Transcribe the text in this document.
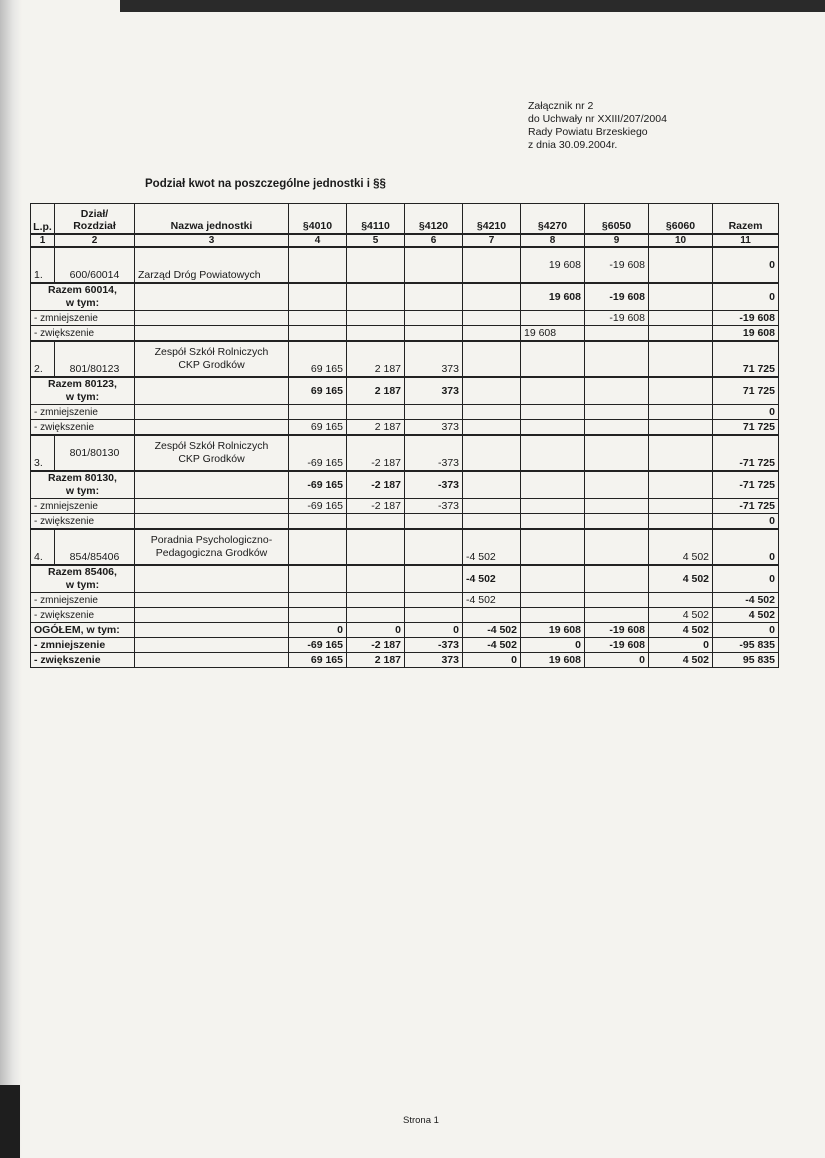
Załącznik nr 2
do Uchwały nr XXIII/207/2004
Rady Powiatu Brzeskiego
z dnia 30.09.2004r.
Podział kwot na poszczególne jednostki i §§
L.p.	Dział/
Rozdział	Nazwa jednostki	§4010	§4110	§4120	§4210	§4270	§6050	§6060	Razem
1	2	3	4	5	6	7	8	9	10	11
1.	600/60014	Zarząd Dróg Powiatowych					19 608	-19 608		0

Razem 60014,
w tym:							19 608	-19 608		0
- zmniejszenie								-19 608		-19 608
- zwiększenie							19 608			19 608
2.	801/80123	Zespół Szkół Rolniczych
CKP Grodków	69 165	2 187	373					71 725

Razem 80123,
w tym:			69 165	2 187	373					71 725
- zmniejszenie										0
- zwiększenie			69 165	2 187	373					71 725
3.	801/80130	Zespół Szkół Rolniczych
CKP Grodków	-69 165	-2 187	-373					-71 725

Razem 80130,
w tym:			-69 165	-2 187	-373					-71 725
- zmniejszenie			-69 165	-2 187	-373					-71 725
- zwiększenie										0
4.	854/85406	Poradnia Psychologiczno-
Pedagogiczna Grodków				-4 502			4 502	0

Razem 85406,
w tym:						-4 502			4 502	0
- zmniejszenie						-4 502				-4 502
- zwiększenie									4 502	4 502
OGÓŁEM, w tym:			0	0	0	-4 502	19 608	-19 608	4 502	0
- zmniejszenie			-69 165	-2 187	-373	-4 502	0	-19 608	0	-95 835
- zwiększenie			69 165	2 187	373	0	19 608	0	4 502	95 835
Strona 1
